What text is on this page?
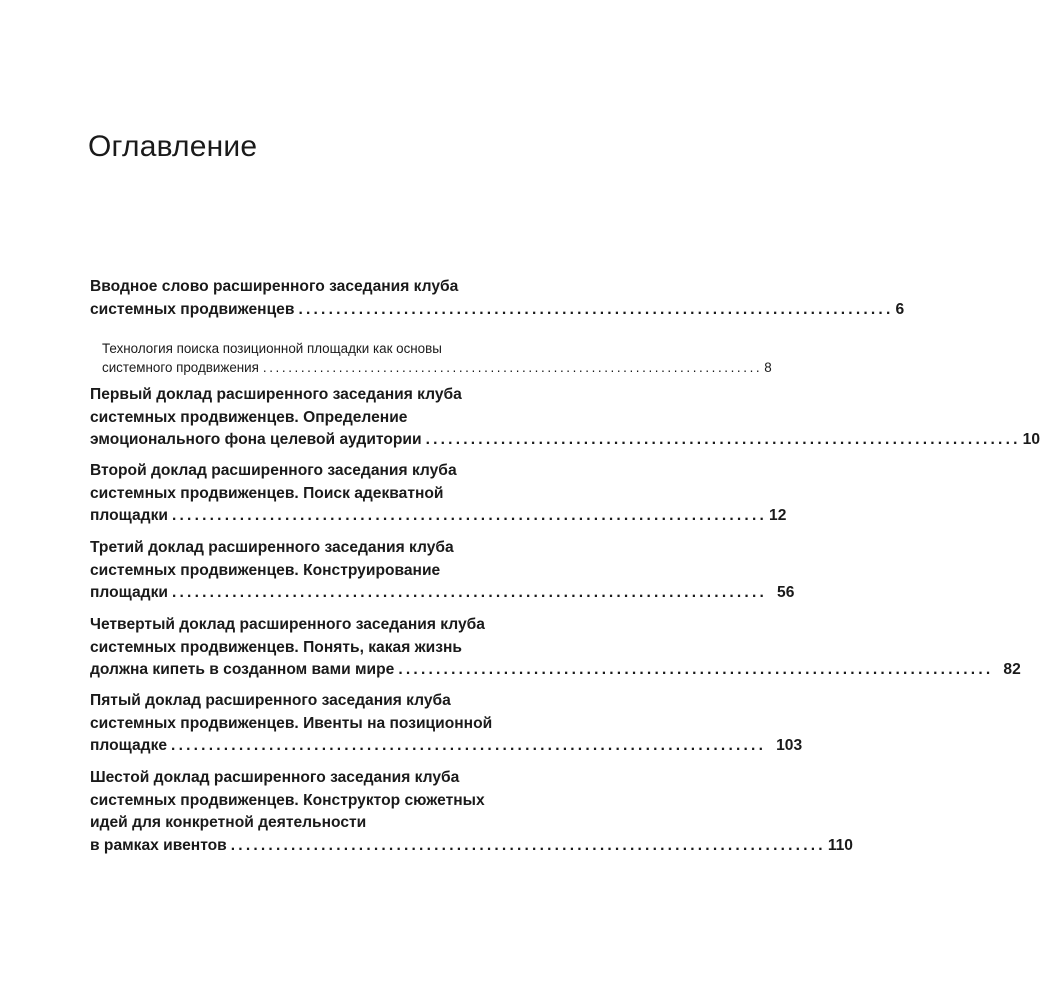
Оглавление
Вводное слово расширенного заседания клуба
системных продвиженцев ............................................................................... 6
Технология поиска позиционной площадки как основы
системного продвижения ............................................................................... 8
Первый доклад расширенного заседания клуба
системных продвиженцев. Определение
эмоционального фона целевой аудитории ............................................................................... 10
Второй доклад расширенного заседания клуба
системных продвиженцев. Поиск адекватной
площадки ............................................................................... 12
Третий доклад расширенного заседания клуба
системных продвиженцев. Конструирование
площадки ............................................................................... 56
Четвертый доклад расширенного заседания клуба
системных продвиженцев. Понять, какая жизнь
должна кипеть в созданном вами мире ............................................................................... 82
Пятый доклад расширенного заседания клуба
системных продвиженцев. Ивенты на позиционной
площадке ............................................................................... 103
Шестой доклад расширенного заседания клуба
системных продвиженцев. Конструктор сюжетных
идей для конкретной деятельности
в рамках ивентов ............................................................................... 110
